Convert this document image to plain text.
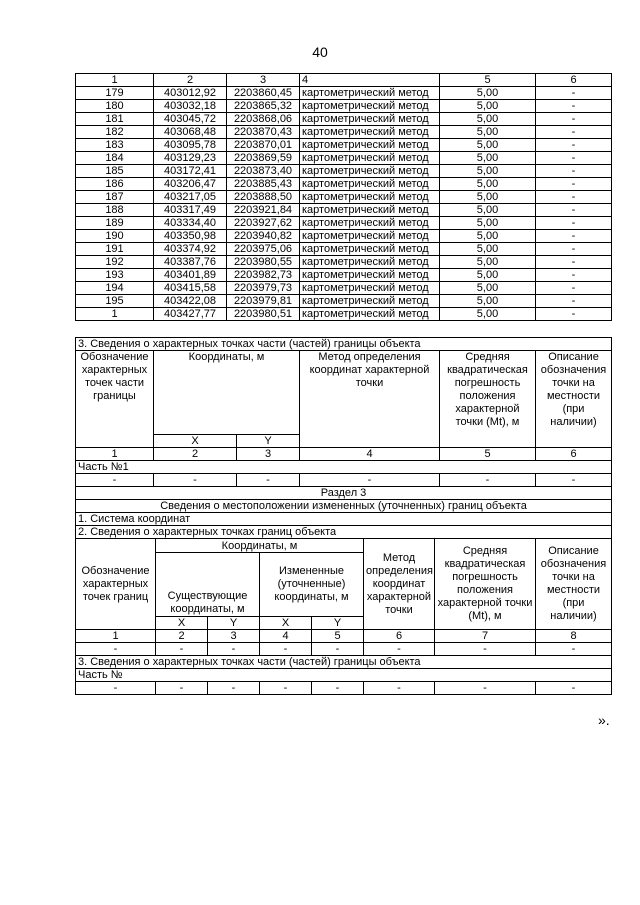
40
1	2	3	4	5	6
179	403012,92	2203860,45	картометрический метод	5,00	-
180	403032,18	2203865,32	картометрический метод	5,00	-
181	403045,72	2203868,06	картометрический метод	5,00	-
182	403068,48	2203870,43	картометрический метод	5,00	-
183	403095,78	2203870,01	картометрический метод	5,00	-
184	403129,23	2203869,59	картометрический метод	5,00	-
185	403172,41	2203873,40	картометрический метод	5,00	-
186	403206,47	2203885,43	картометрический метод	5,00	-
187	403217,05	2203888,50	картометрический метод	5,00	-
188	403317,49	2203921,84	картометрический метод	5,00	-
189	403334,40	2203927,62	картометрический метод	5,00	-
190	403350,98	2203940,82	картометрический метод	5,00	-
191	403374,92	2203975,06	картометрический метод	5,00	-
192	403387,76	2203980,55	картометрический метод	5,00	-
193	403401,89	2203982,73	картометрический метод	5,00	-
194	403415,58	2203979,73	картометрический метод	5,00	-
195	403422,08	2203979,81	картометрический метод	5,00	-
1	403427,77	2203980,51	картометрический метод	5,00	-
3. Сведения о характерных точках части (частей) границы объекта					
Обозначение характерных точек части границы	Координаты, м		Метод определения координат характерной точки	Средняя квадратическая погрешность положения характерной точки (Mt), м	Описание обозначения точки на местности (при наличии)
	X	Y			
1	2	3	4	5	6
Часть №1					
-	-	-	-	-	-
Раздел 3							
Сведения о местоположении измененных (уточненных) границ объекта							
1. Система координат							
2. Сведения о характерных точках границ объекта							
Обозначение характерных точек границ	Координаты, м				Метод определения координат характерной точки	Средняя квадратическая погрешность положения характерной точки (Mt), м	Описание обозначения точки на местности (при наличии)
	Существующие координаты, м		Измененные (уточненные) координаты, м				
	X	Y	X	Y			
1	2	3	4	5	6	7	8
-	-	-	-	-	-	-	-
3. Сведения о характерных точках части (частей) границы объекта							
Часть №							
-	-	-	-	-	-	-	-
».
